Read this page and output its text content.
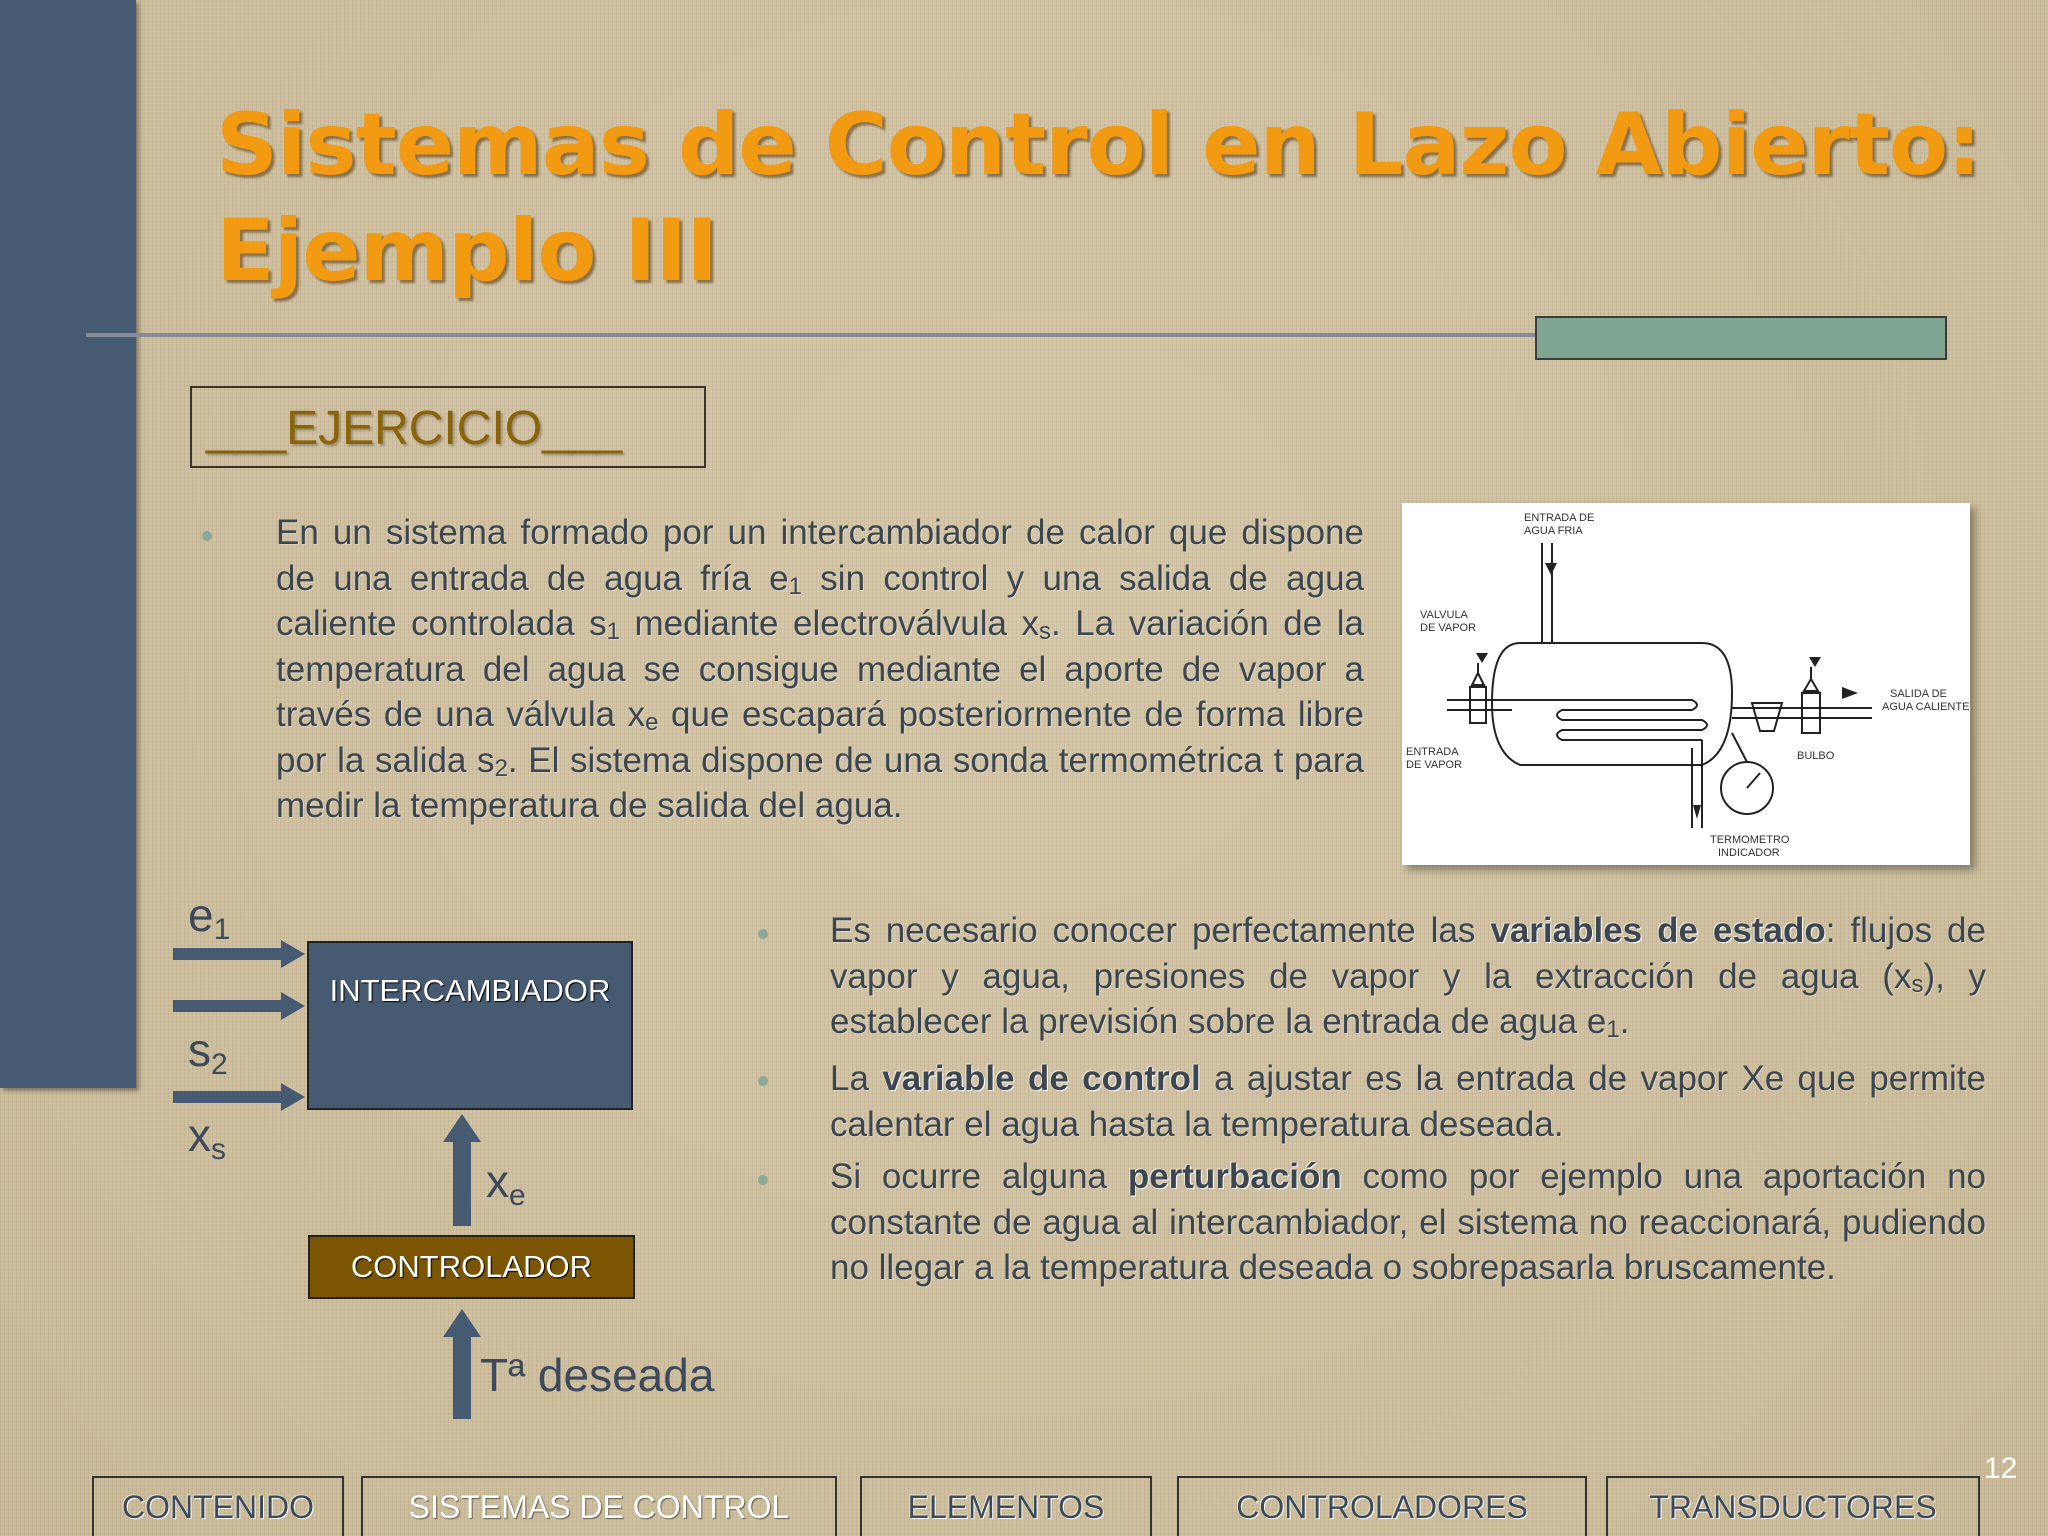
Sistemas de Control en Lazo Abierto:
Ejemplo III
___EJERCICIO___
En un sistema formado por un intercambiador de calor que dispone de una entrada de agua fría $e_1$ sin control y una salida de agua caliente controlada $s_1$ mediante electroválvula $x_s$. La variación de la temperatura del agua se consigue mediante el aporte de vapor a través de una válvula $x_e$ que escapará posteriormente de forma libre por la salida $s_2$. El sistema dispone de una sonda termométrica t para medir la temperatura de salida del agua.
ENTRADA DE AGUA FRIA
VALVULA DE VAPOR
ENTRADA DE VAPOR
SALIDA DE AGUA CALIENTE
BULBO
TERMOMETRO INDICADOR
$e_1$
$s_2$
$x_s$
INTERCAMBIADOR
$x_e$
CONTROLADOR
Tª deseada
Es necesario conocer perfectamente las variables de estado: flujos de vapor y agua, presiones de vapor y la extracción de agua $(x_s)$, y establecer la previsión sobre la entrada de agua $e_1$.
La variable de control a ajustar es la entrada de vapor Xe que permite calentar el agua hasta la temperatura deseada.
Si ocurre alguna perturbación como por ejemplo una aportación no constante de agua al intercambiador, el sistema no reaccionará, pudiendo no llegar a la temperatura deseada o sobrepasarla bruscamente.
12
CONTENIDO	SISTEMAS DE CONTROL	ELEMENTOS	CONTROLADORES	TRANSDUCTORES
